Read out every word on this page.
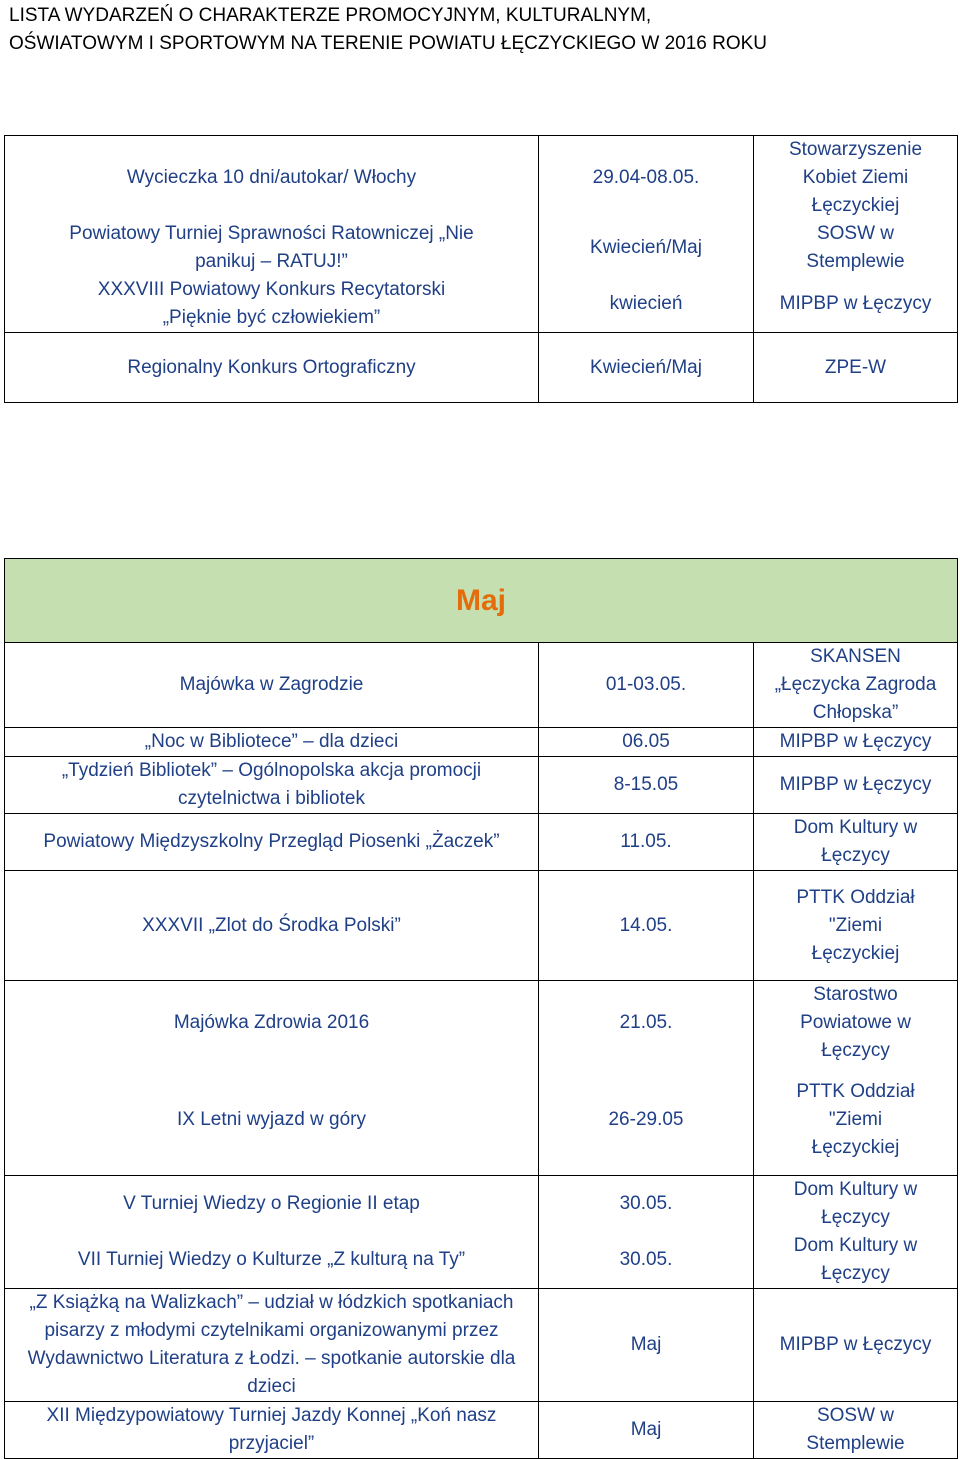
LISTA WYDARZEŃ O CHARAKTERZE PROMOCYJNYM, KULTURALNYM,
OŚWIATOWYM I SPORTOWYM NA TERENIE POWIATU ŁĘCZYCKIEGO W 2016 ROKU
Wycieczka 10 dni/autokar/ Włochy	29.04-08.05.	Stowarzyszenie Kobiet Ziemi Łęczyckiej
Powiatowy Turniej Sprawności Ratowniczej „Nie panikuj – RATUJ!”	Kwiecień/Maj	SOSW w Stemplewie
XXXVIII Powiatowy Konkurs Recytatorski „Pięknie być człowiekiem”	kwiecień	MIPBP w Łęczycy
Regionalny Konkurs Ortograficzny	Kwiecień/Maj	ZPE-W
Maj		
Majówka w Zagrodzie	01-03.05.	SKANSEN „Łęczycka Zagroda Chłopska”
„Noc w Bibliotece” – dla dzieci	06.05	MIPBP w Łęczycy
„Tydzień Bibliotek” – Ogólnopolska akcja promocji czytelnictwa i bibliotek	8-15.05	MIPBP w Łęczycy
Powiatowy Międzyszkolny Przegląd Piosenki „Żaczek”	11.05.	Dom Kultury w Łęczycy
XXXVII „Zlot do Środka Polski”	14.05.	PTTK Oddział "Ziemi Łęczyckiej
Majówka Zdrowia 2016	21.05.	Starostwo Powiatowe w Łęczycy
IX Letni wyjazd w góry	26-29.05	PTTK Oddział "Ziemi Łęczyckiej
V Turniej Wiedzy o Regionie II etap	30.05.	Dom Kultury w Łęczycy
VII Turniej Wiedzy o Kulturze „Z kulturą na Ty”	30.05.	Dom Kultury w Łęczycy
„Z Książką na Walizkach” – udział w łódzkich spotkaniach pisarzy z młodymi czytelnikami organizowanymi przez Wydawnictwo Literatura z Łodzi. – spotkanie autorskie dla dzieci	Maj	MIPBP w Łęczycy
XII Międzypowiatowy Turniej Jazdy Konnej „Koń nasz przyjaciel”	Maj	SOSW w Stemplewie
